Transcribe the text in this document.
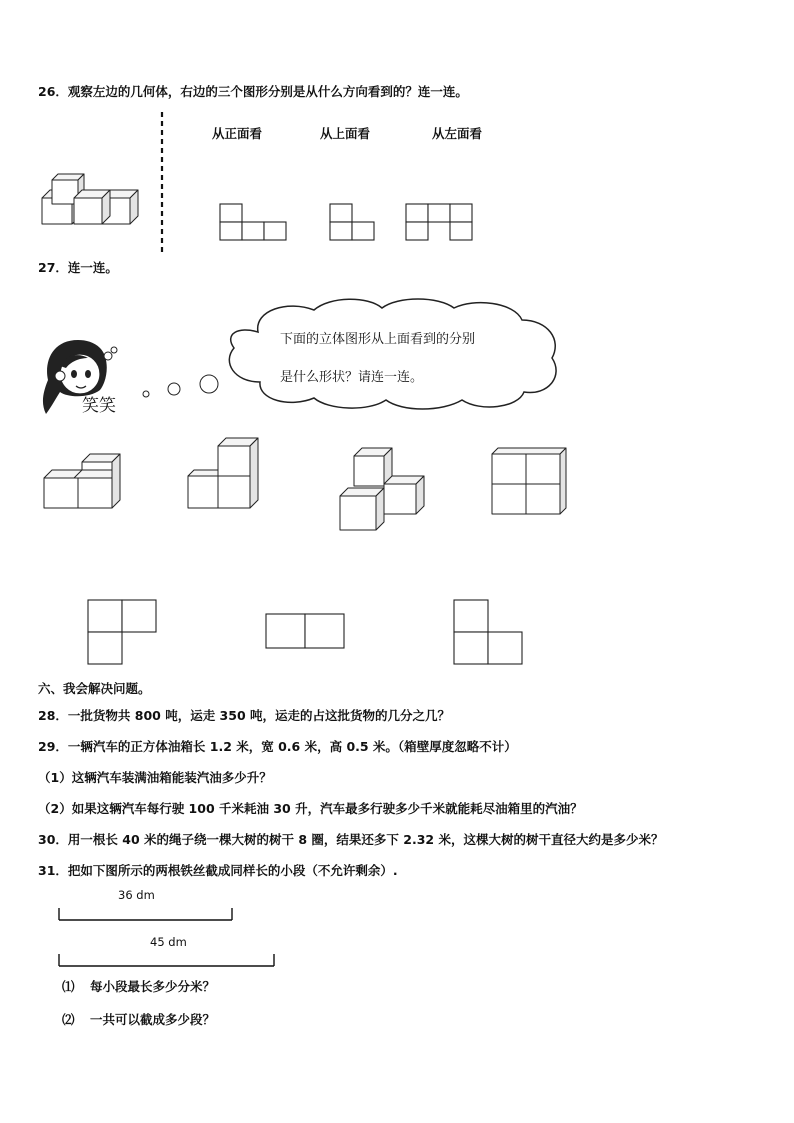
26．观察左边的几何体，右边的三个图形分别是从什么方向看到的？连一连。
从正面看	从上面看	从左面看
27．连一连。
笑笑
下面的立体图形从上面看到的分别
是什么形状？请连一连。
六、我会解决问题。
28．一批货物共 800 吨，运走 350 吨，运走的占这批货物的几分之几？
29．一辆汽车的正方体油箱长 1.2 米，宽 0.6 米，高 0.5 米。（箱壁厚度忽略不计）
（1）这辆汽车装满油箱能装汽油多少升？
（2）如果这辆汽车每行驶 100 千米耗油 30 升，汽车最多行驶多少千米就能耗尽油箱里的汽油？
30．用一根长 40 米的绳子绕一棵大树的树干 8 圈，结果还多下 2.32 米，这棵大树的树干直径大约是多少米？
31．把如下图所示的两根铁丝截成同样长的小段（不允许剩余）.
36 dm
45 dm
⑴ 每小段最长多少分米？
⑵ 一共可以截成多少段？
